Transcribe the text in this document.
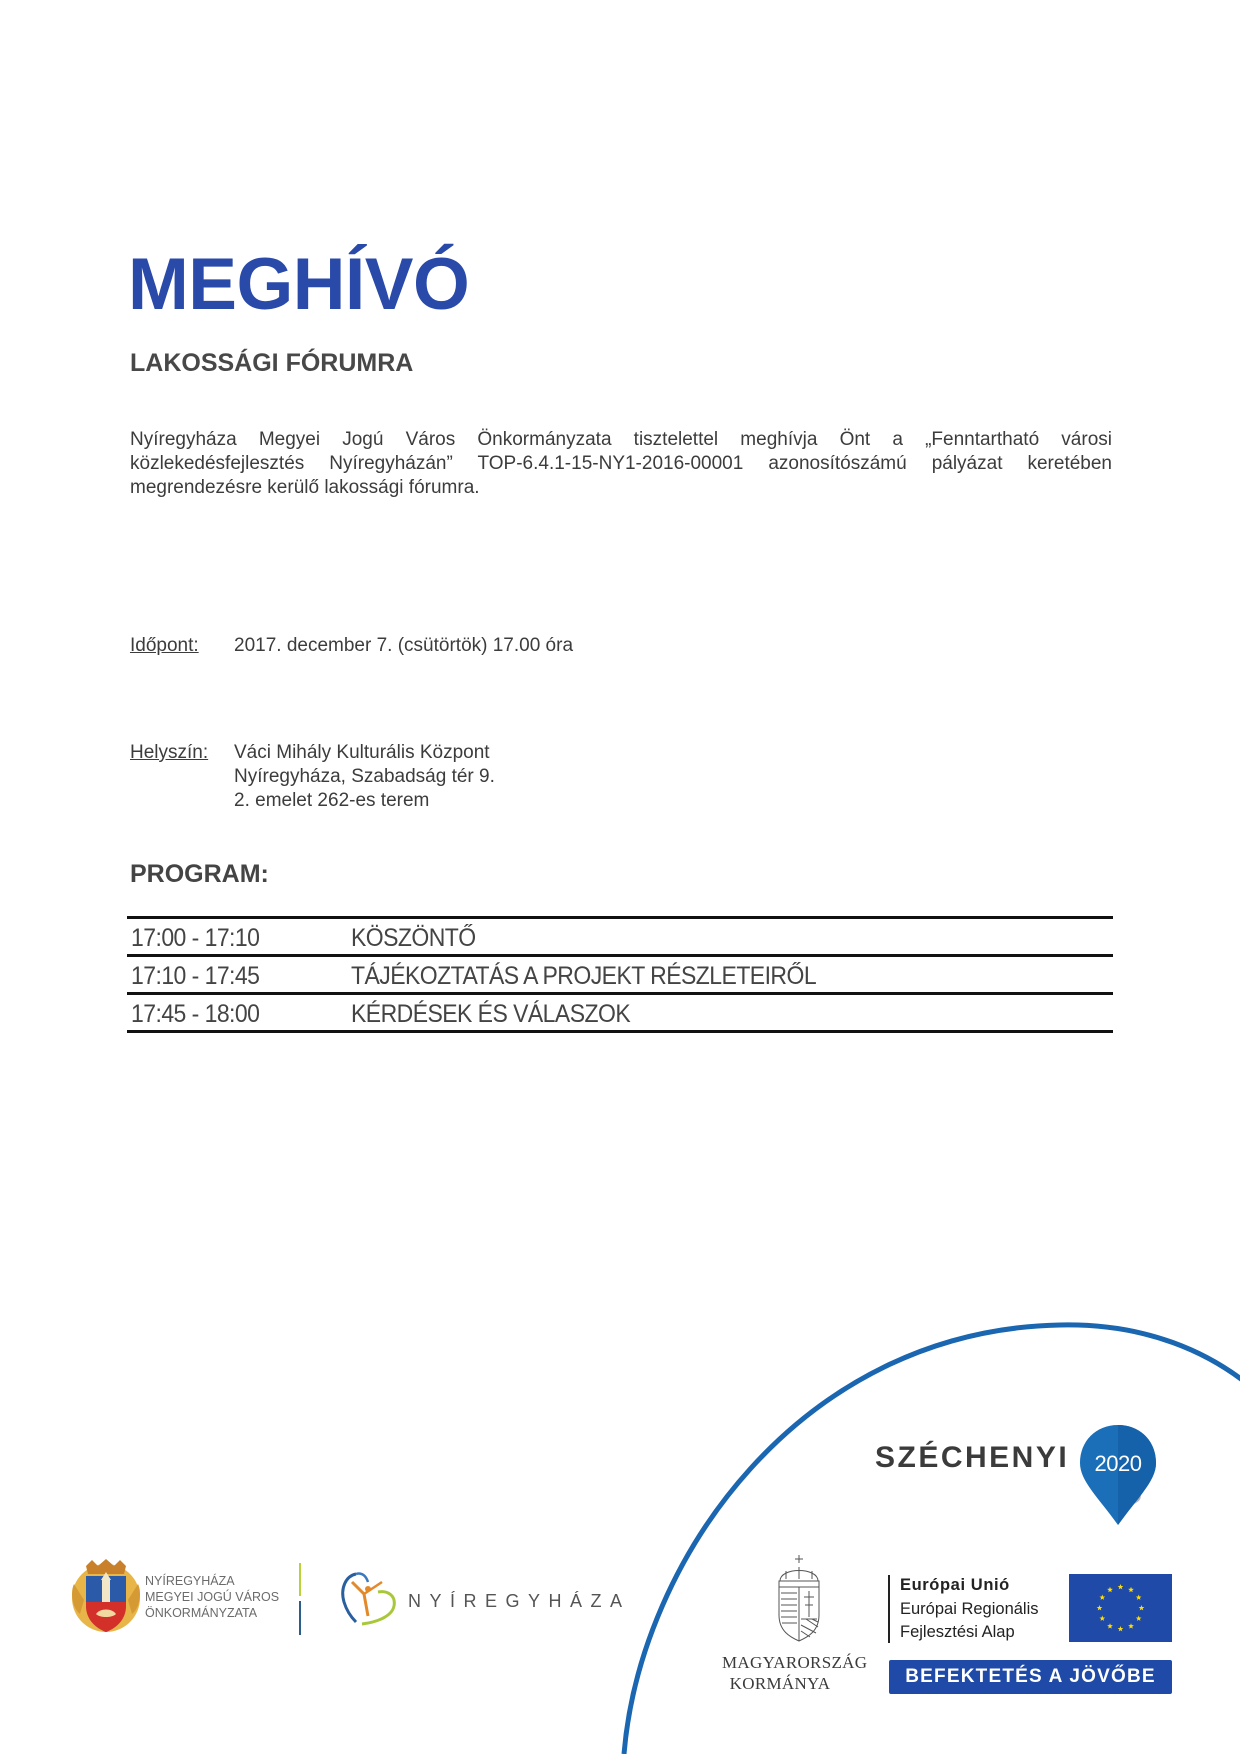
MEGHÍVÓ
LAKOSSÁGI FÓRUMRA
Nyíregyháza Megyei Jogú Város Önkormányzata tisztelettel meghívja Önt a „Fenntartható városi közlekedésfejlesztés Nyíregyházán” TOP-6.4.1-15-NY1-2016-00001 azonosítószámú pályázat keretében megrendezésre kerülő lakossági fórumra.
Időpont: 2017. december 7. (csütörtök) 17.00 óra
Helyszín: Váci Mihály Kulturális Központ
Nyíregyháza, Szabadság tér 9.
2. emelet 262-es terem
PROGRAM:
17:00 - 17:10	KÖSZÖNTŐ
17:10 - 17:45	TÁJÉKOZTATÁS A PROJEKT RÉSZLETEIRŐL
17:45 - 18:00	KÉRDÉSEK ÉS VÁLASZOK
SZÉCHENYI 2020
NYÍREGYHÁZA
MEGYEI JOGÚ VÁROS
ÖNKORMÁNYZATA
NYÍREGYHÁZA
MAGYARORSZÁG
KORMÁNYA
Európai Unió
Európai Regionális
Fejlesztési Alap
BEFEKTETÉS A JÖVŐBE
